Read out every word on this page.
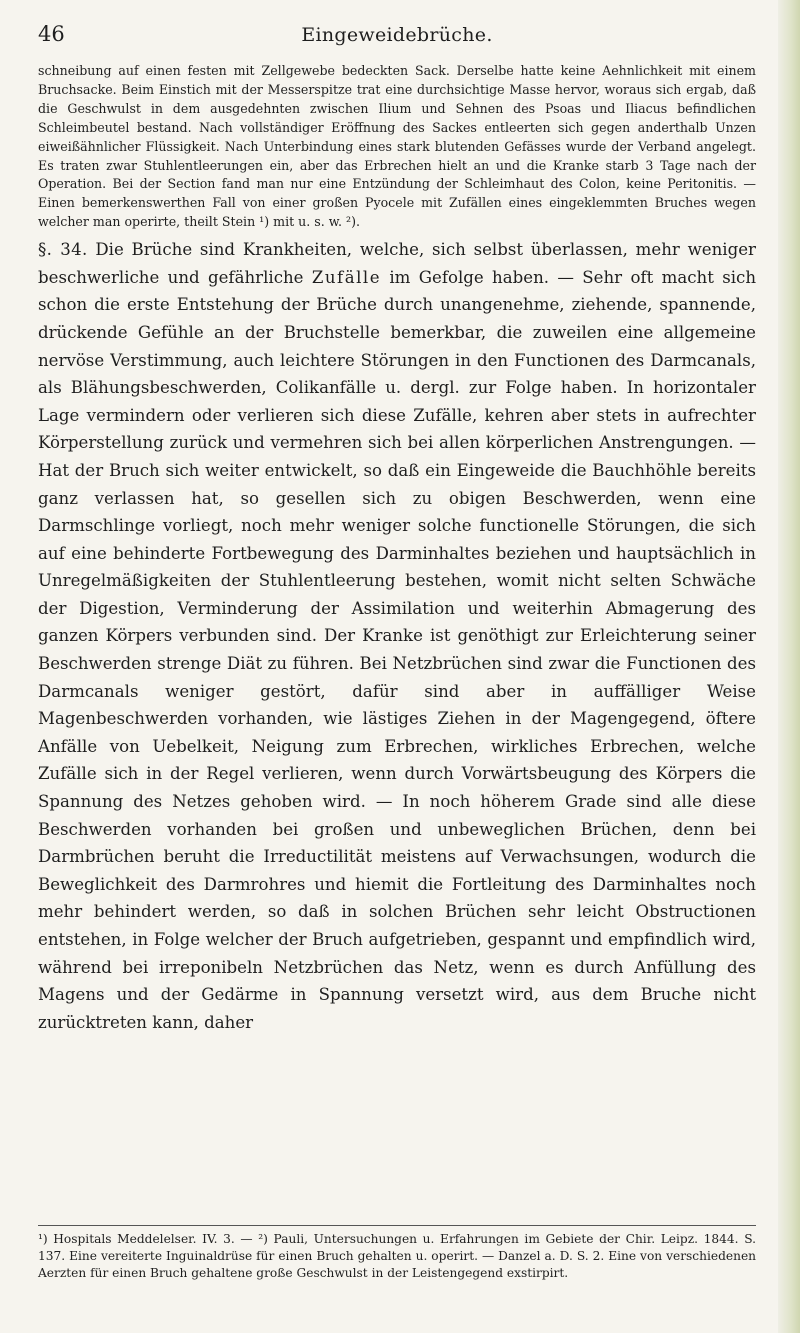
46	Eingeweidebrüche.

schneibung auf einen festen mit Zellgewebe bedeckten Sack. Derselbe hatte keine Aehnlichkeit mit einem Bruchsacke. Beim Einstich mit der Messerspitze trat eine durchsichtige Masse hervor, woraus sich ergab, daß die Geschwulst in dem ausgedehnten zwischen Ilium und Sehnen des Psoas und Iliacus befindlichen Schleimbeutel bestand. Nach vollständiger Eröffnung des Sackes entleerten sich gegen anderthalb Unzen eiweißähnlicher Flüssigkeit. Nach Unterbindung eines stark blutenden Gefässes wurde der Verband angelegt. Es traten zwar Stuhlentleerungen ein, aber das Erbrechen hielt an und die Kranke starb 3 Tage nach der Operation. Bei der Section fand man nur eine Entzündung der Schleimhaut des Colon, keine Peritonitis. — Einen bemerkenswerthen Fall von einer großen Pyocele mit Zufällen eines eingeklemmten Bruches wegen welcher man operirte, theilt Stein ¹) mit u. s. w. ²).

§. 34. Die Brüche sind Krankheiten, welche, sich selbst überlassen, mehr weniger beschwerliche und gefährliche Zufälle im Gefolge haben. — Sehr oft macht sich schon die erste Entstehung der Brüche durch unangenehme, ziehende, spannende, drückende Gefühle an der Bruchstelle bemerkbar, die zuweilen eine allgemeine nervöse Verstimmung, auch leichtere Störungen in den Functionen des Darmcanals, als Blähungsbeschwerden, Colikanfälle u. dergl. zur Folge haben. In horizontaler Lage vermindern oder verlieren sich diese Zufälle, kehren aber stets in aufrechter Körperstellung zurück und vermehren sich bei allen körperlichen Anstrengungen. — Hat der Bruch sich weiter entwickelt, so daß ein Eingeweide die Bauchhöhle bereits ganz verlassen hat, so gesellen sich zu obigen Beschwerden, wenn eine Darmschlinge vorliegt, noch mehr weniger solche functionelle Störungen, die sich auf eine behinderte Fortbewegung des Darminhaltes beziehen und hauptsächlich in Unregelmäßigkeiten der Stuhlentleerung bestehen, womit nicht selten Schwäche der Digestion, Verminderung der Assimilation und weiterhin Abmagerung des ganzen Körpers verbunden sind. Der Kranke ist genöthigt zur Erleichterung seiner Beschwerden strenge Diät zu führen. Bei Netzbrüchen sind zwar die Functionen des Darmcanals weniger gestört, dafür sind aber in auffälliger Weise Magenbeschwerden vorhanden, wie lästiges Ziehen in der Magengegend, öftere Anfälle von Uebelkeit, Neigung zum Erbrechen, wirkliches Erbrechen, welche Zufälle sich in der Regel verlieren, wenn durch Vorwärtsbeugung des Körpers die Spannung des Netzes gehoben wird. — In noch höherem Grade sind alle diese Beschwerden vorhanden bei großen und unbeweglichen Brüchen, denn bei Darmbrüchen beruht die Irreductilität meistens auf Verwachsungen, wodurch die Beweglichkeit des Darmrohres und hiemit die Fortleitung des Darminhaltes noch mehr behindert werden, so daß in solchen Brüchen sehr leicht Obstructionen entstehen, in Folge welcher der Bruch aufgetrieben, gespannt und empfindlich wird, während bei irreponibeln Netzbrüchen das Netz, wenn es durch Anfüllung des Magens und der Gedärme in Spannung versetzt wird, aus dem Bruche nicht zurücktreten kann, daher

¹) Hospitals Meddelelser. IV. 3. — ²) Pauli, Untersuchungen u. Erfahrungen im Gebiete der Chir. Leipz. 1844. S. 137. Eine vereiterte Inguinaldrüse für einen Bruch gehalten u. operirt. — Danzel a. D. S. 2. Eine von verschiedenen Aerzten für einen Bruch gehaltene große Geschwulst in der Leistengegend exstirpirt.
